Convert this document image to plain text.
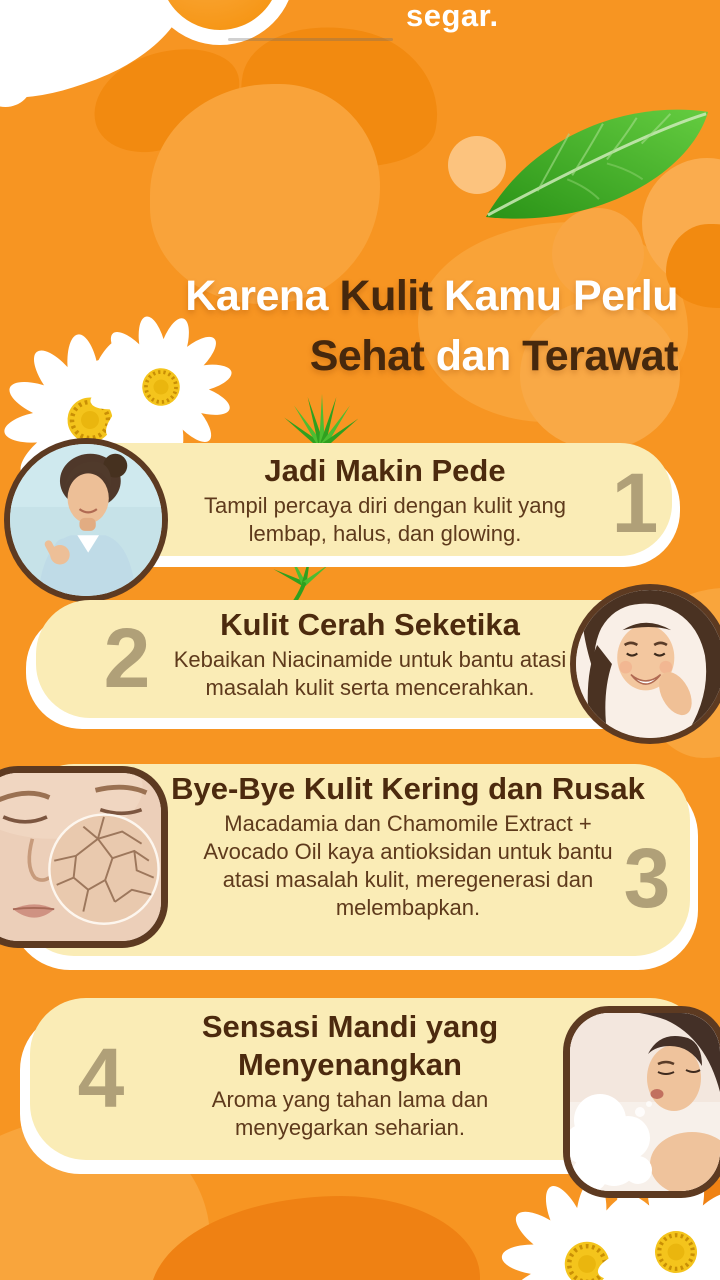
segar.
Karena Kulit Kamu Perlu
Sehat dan Terawat
1
Jadi Makin Pede

Tampil percaya diri dengan kulit yang lembap, halus, dan glowing.

2	Kulit Cerah Seketika

Kebaikan Niacinamide untuk bantu atasi masalah kulit serta mencerahkan.

3
Bye-Bye Kulit Kering dan Rusak

Macadamia dan Chamomile Extract + Avocado Oil kaya antioksidan untuk bantu atasi masalah kulit, meregenerasi dan melembapkan.

4
Sensasi Mandi yang Menyenangkan

Aroma yang tahan lama dan menyegarkan seharian.
